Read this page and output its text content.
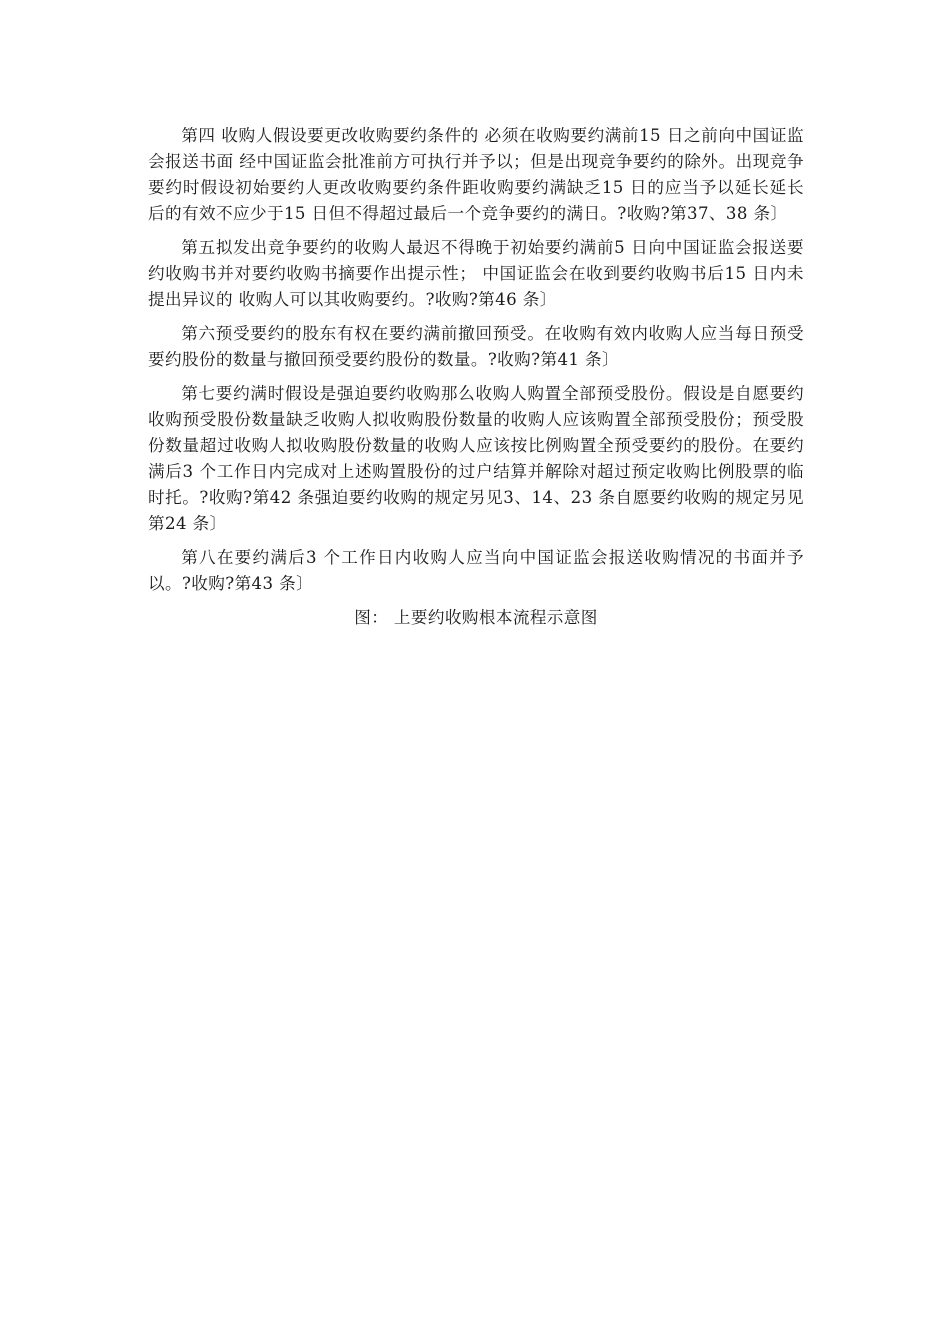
第四 收购人假设要更改收购要约条件的 必须在收购要约满前15 日之前向中国证监会报送书面 经中国证监会批准前方可执行并予以；但是出现竞争要约的除外。出现竞争要约时假设初始要约人更改收购要约条件距收购要约满缺乏15 日的应当予以延长延长后的有效不应少于15 日但不得超过最后一个竞争要约的满日。?收购?第37、38 条〕

第五拟发出竞争要约的收购人最迟不得晚于初始要约满前5 日向中国证监会报送要约收购书并对要约收购书摘要作出提示性； 中国证监会在收到要约收购书后15 日内未提出异议的 收购人可以其收购要约。?收购?第46 条〕

第六预受要约的股东有权在要约满前撤回预受。在收购有效内收购人应当每日预受要约股份的数量与撤回预受要约股份的数量。?收购?第41 条〕

第七要约满时假设是强迫要约收购那么收购人购置全部预受股份。假设是自愿要约收购预受股份数量缺乏收购人拟收购股份数量的收购人应该购置全部预受股份；预受股份数量超过收购人拟收购股份数量的收购人应该按比例购置全预受要约的股份。在要约满后3 个工作日内完成对上述购置股份的过户结算并解除对超过预定收购比例股票的临时托。?收购?第42 条强迫要约收购的规定另见3、14、23 条自愿要约收购的规定另见第24 条〕

第八在要约满后3 个工作日内收购人应当向中国证监会报送收购情况的书面并予以。?收购?第43 条〕

图： 上要约收购根本流程示意图
